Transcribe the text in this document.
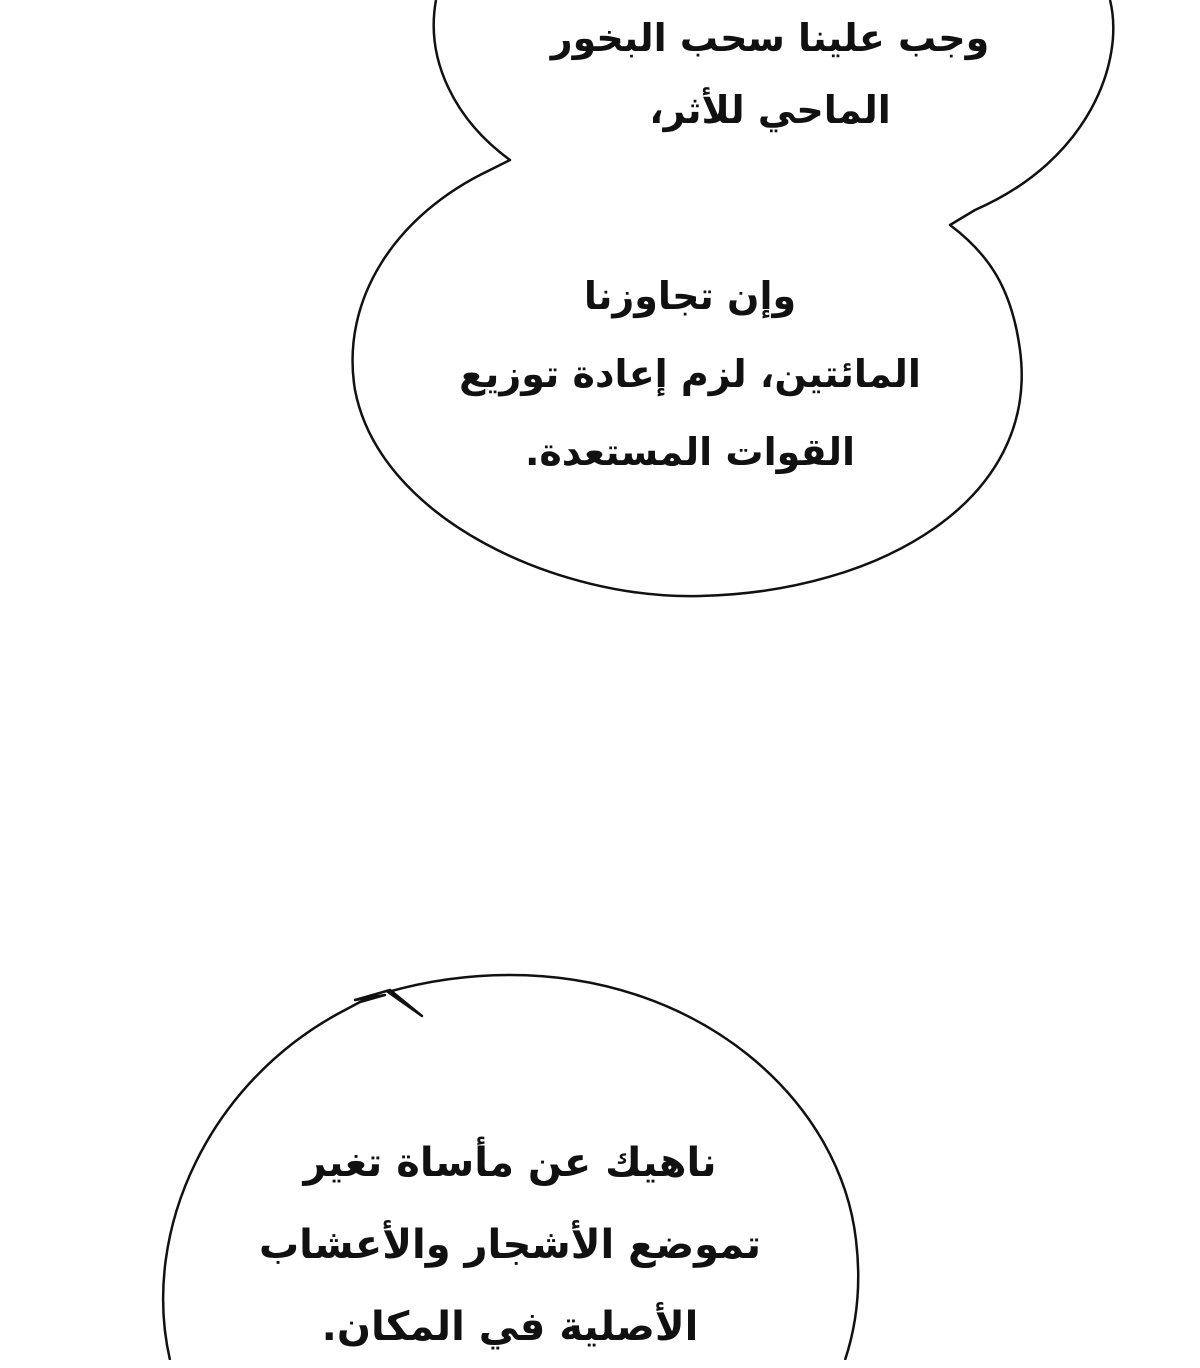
وجب علينا سحب البخور
الماحي للأثر،
وإن تجاوزنا
المائتين، لزم إعادة توزيع
القوات المستعدة.
ناهيك عن مأساة تغير
تموضع الأشجار والأعشاب
الأصلية في المكان.
